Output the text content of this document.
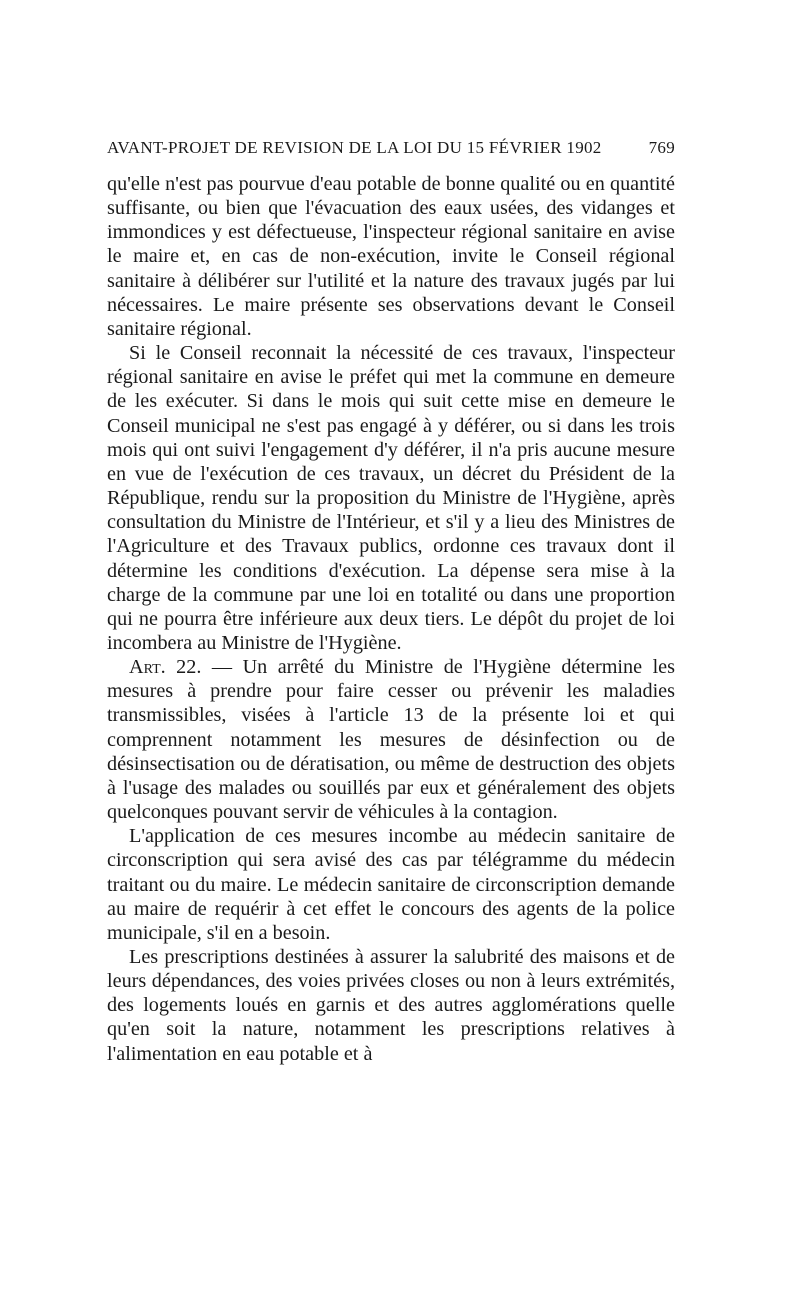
AVANT-PROJET DE REVISION DE LA LOI DU 15 FÉVRIER 1902	769

qu'elle n'est pas pourvue d'eau potable de bonne qualité ou en quantité suffisante, ou bien que l'évacuation des eaux usées, des vidanges et immondices y est défectueuse, l'inspecteur régional sanitaire en avise le maire et, en cas de non-exécution, invite le Conseil régional sanitaire à délibérer sur l'utilité et la nature des travaux jugés par lui nécessaires. Le maire présente ses observations devant le Conseil sanitaire régional.

Si le Conseil reconnait la nécessité de ces travaux, l'inspecteur régional sanitaire en avise le préfet qui met la commune en demeure de les exécuter. Si dans le mois qui suit cette mise en demeure le Conseil municipal ne s'est pas engagé à y déférer, ou si dans les trois mois qui ont suivi l'engagement d'y déférer, il n'a pris aucune mesure en vue de l'exécution de ces travaux, un décret du Président de la République, rendu sur la proposition du Ministre de l'Hygiène, après consultation du Ministre de l'Intérieur, et s'il y a lieu des Ministres de l'Agriculture et des Travaux publics, ordonne ces travaux dont il détermine les conditions d'exécution. La dépense sera mise à la charge de la commune par une loi en totalité ou dans une proportion qui ne pourra être inférieure aux deux tiers. Le dépôt du projet de loi incombera au Ministre de l'Hygiène.

Art. 22. — Un arrêté du Ministre de l'Hygiène détermine les mesures à prendre pour faire cesser ou prévenir les maladies transmissibles, visées à l'article 13 de la présente loi et qui comprennent notamment les mesures de désinfection ou de désinsectisation ou de dératisation, ou même de destruction des objets à l'usage des malades ou souillés par eux et généralement des objets quelconques pouvant servir de véhicules à la contagion.

L'application de ces mesures incombe au médecin sanitaire de circonscription qui sera avisé des cas par télégramme du médecin traitant ou du maire. Le médecin sanitaire de circonscription demande au maire de requérir à cet effet le concours des agents de la police municipale, s'il en a besoin.

Les prescriptions destinées à assurer la salubrité des maisons et de leurs dépendances, des voies privées closes ou non à leurs extrémités, des logements loués en garnis et des autres agglomérations quelle qu'en soit la nature, notamment les prescriptions relatives à l'alimentation en eau potable et à
